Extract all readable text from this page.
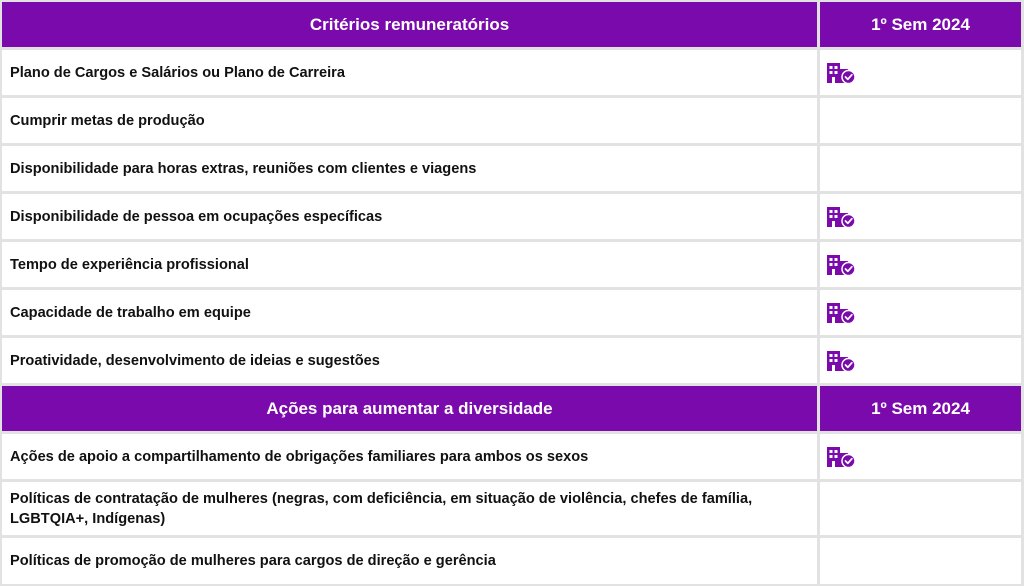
Critérios remuneratórios	1º Sem 2024
Plano de Cargos e Salários ou Plano de Carreira
Cumprir metas de produção
Disponibilidade para horas extras, reuniões com clientes e viagens
Disponibilidade de pessoa em ocupações específicas
Tempo de experiência profissional
Capacidade de trabalho em equipe
Proatividade, desenvolvimento de ideias e sugestões
Ações para aumentar a diversidade	1º Sem 2024
Ações de apoio a compartilhamento de obrigações familiares para ambos os sexos
Políticas de contratação de mulheres (negras, com deficiência, em situação de violência, chefes de família, LGBTQIA+, Indígenas)
Políticas de promoção de mulheres para cargos de direção e gerência
